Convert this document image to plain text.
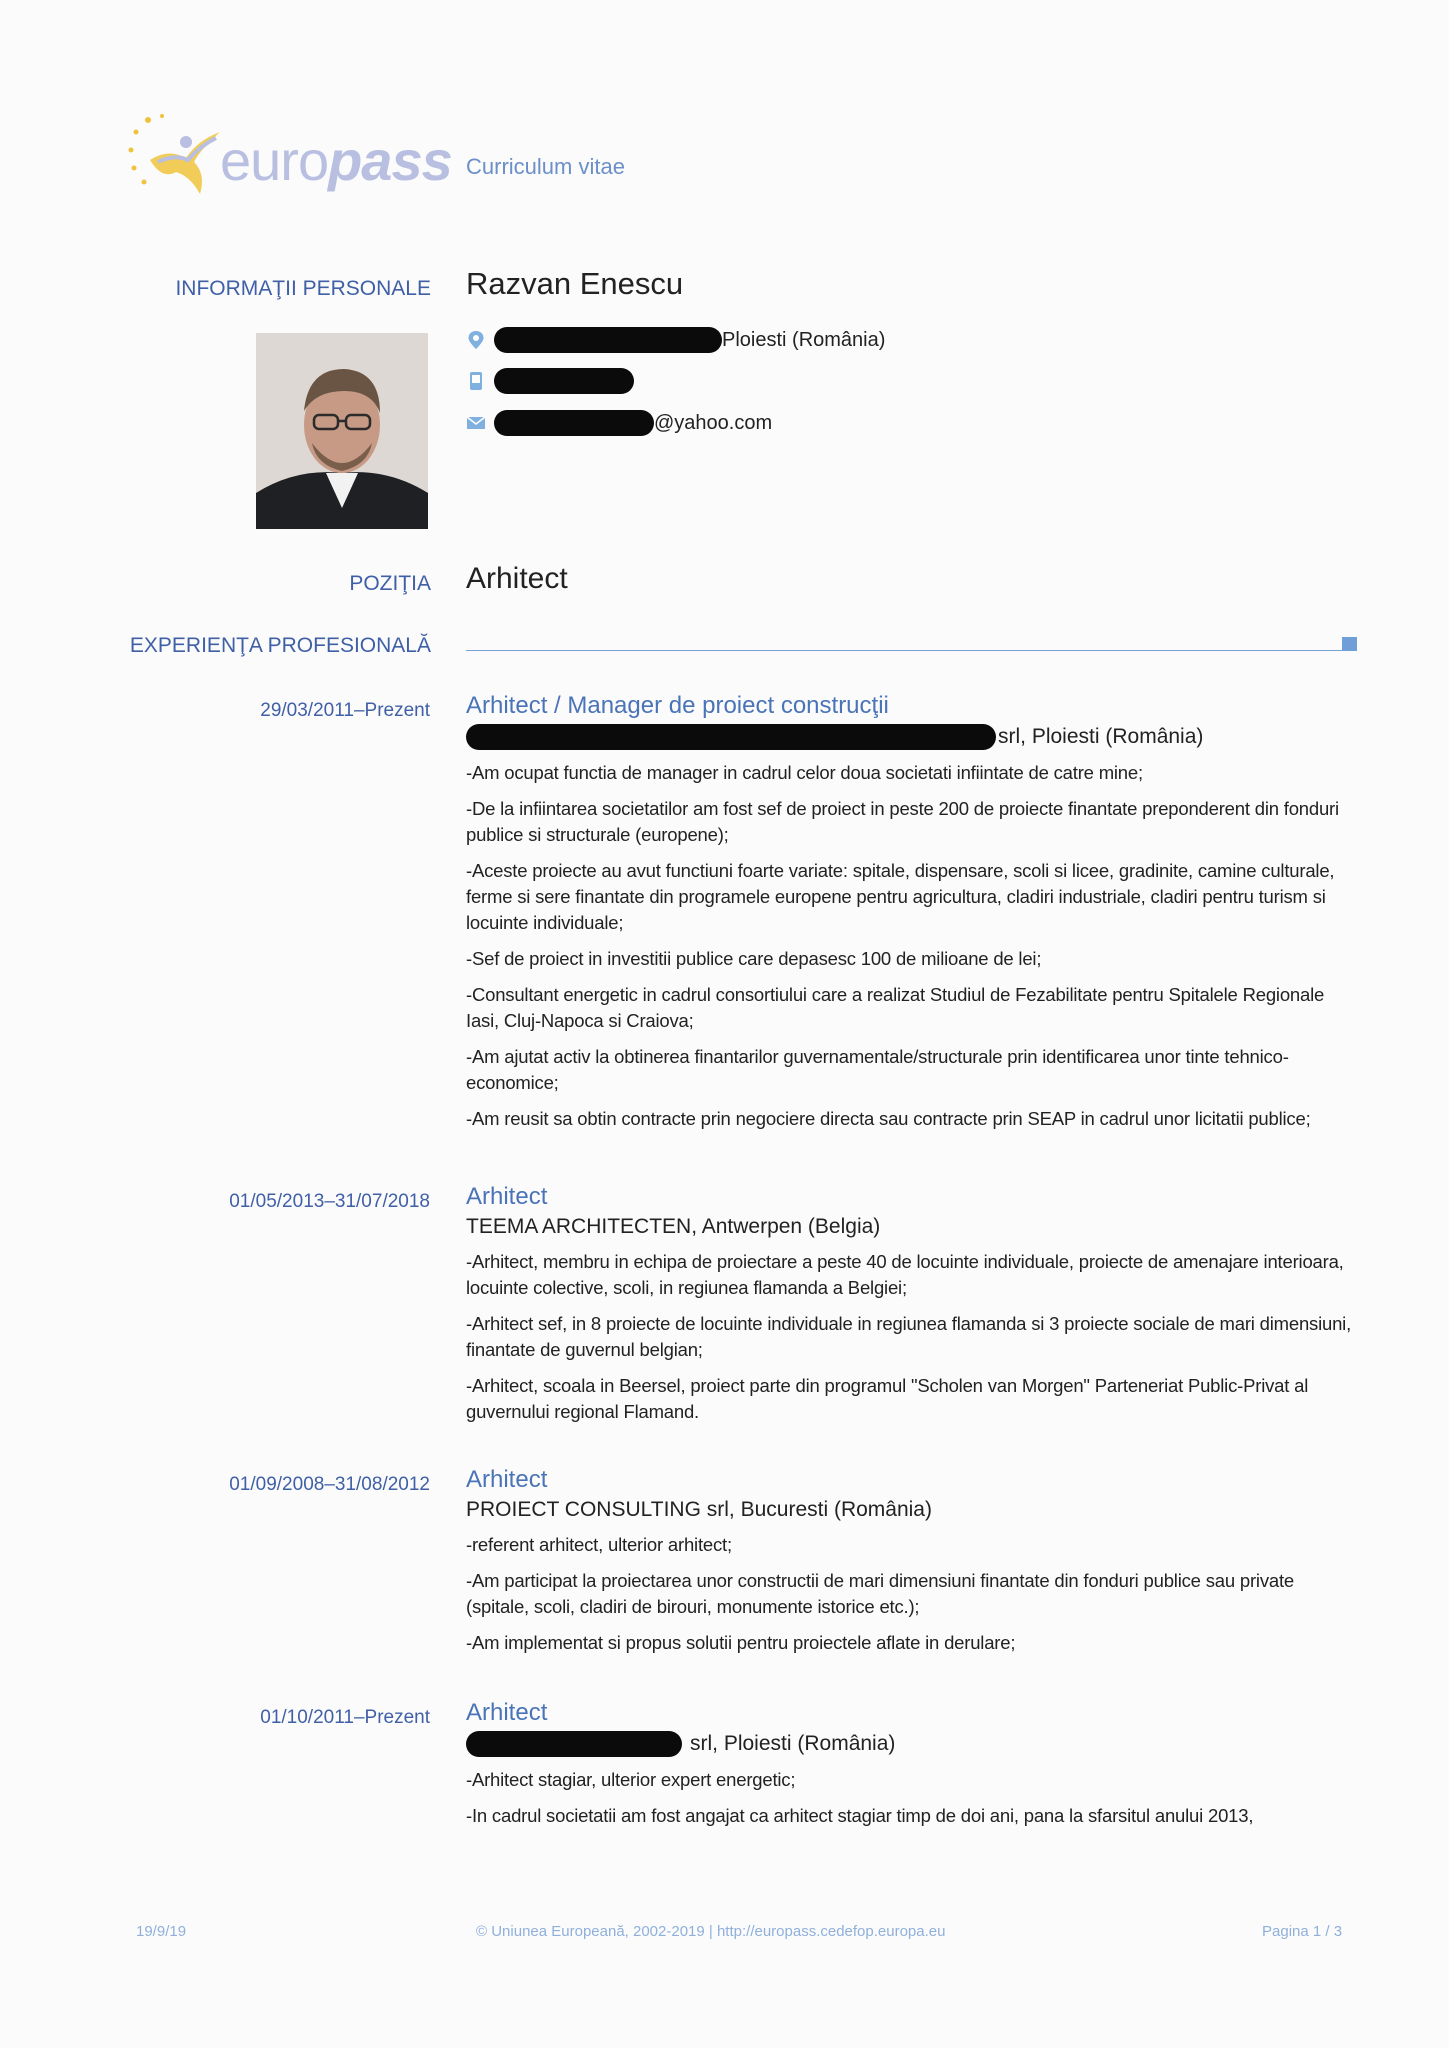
europass Curriculum vitae
INFORMAŢII PERSONALE Razvan Enescu
Ploiesti (România)
@yahoo.com
POZIŢIA Arhitect
EXPERIENŢA PROFESIONALĂ
29/03/2011–Prezent Arhitect / Manager de proiect construcţii
srl, Ploiesti (România)
-Am ocupat functia de manager in cadrul celor doua societati infiintate de catre mine;
-De la infiintarea societatilor am fost sef de proiect in peste 200 de proiecte finantate preponderent din fonduri publice si structurale (europene);
-Aceste proiecte au avut functiuni foarte variate: spitale, dispensare, scoli si licee, gradinite, camine culturale, ferme si sere finantate din programele europene pentru agricultura, cladiri industriale, cladiri pentru turism si locuinte individuale;
-Sef de proiect in investitii publice care depasesc 100 de milioane de lei;
-Consultant energetic in cadrul consortiului care a realizat Studiul de Fezabilitate pentru Spitalele Regionale Iasi, Cluj-Napoca si Craiova;
-Am ajutat activ la obtinerea finantarilor guvernamentale/structurale prin identificarea unor tinte tehnico-economice;
-Am reusit sa obtin contracte prin negociere directa sau contracte prin SEAP in cadrul unor licitatii publice;
01/05/2013–31/07/2018 Arhitect
TEEMA ARCHITECTEN, Antwerpen (Belgia)
-Arhitect, membru in echipa de proiectare a peste 40 de locuinte individuale, proiecte de amenajare interioara, locuinte colective, scoli, in regiunea flamanda a Belgiei;
-Arhitect sef, in 8 proiecte de locuinte individuale in regiunea flamanda si 3 proiecte sociale de mari dimensiuni, finantate de guvernul belgian;
-Arhitect, scoala in Beersel, proiect parte din programul "Scholen van Morgen" Parteneriat Public-Privat al guvernului regional Flamand.
01/09/2008–31/08/2012 Arhitect
PROIECT CONSULTING srl, Bucuresti (România)
-referent arhitect, ulterior arhitect;
-Am participat la proiectarea unor constructii de mari dimensiuni finantate din fonduri publice sau private (spitale, scoli, cladiri de birouri, monumente istorice etc.);
-Am implementat si propus solutii pentru proiectele aflate in derulare;
01/10/2011–Prezent Arhitect
srl, Ploiesti (România)
-Arhitect stagiar, ulterior expert energetic;
-In cadrul societatii am fost angajat ca arhitect stagiar timp de doi ani, pana la sfarsitul anului 2013,
19/9/19	© Uniunea Europeană, 2002-2019 | http://europass.cedefop.europa.eu	Pagina 1 / 3
